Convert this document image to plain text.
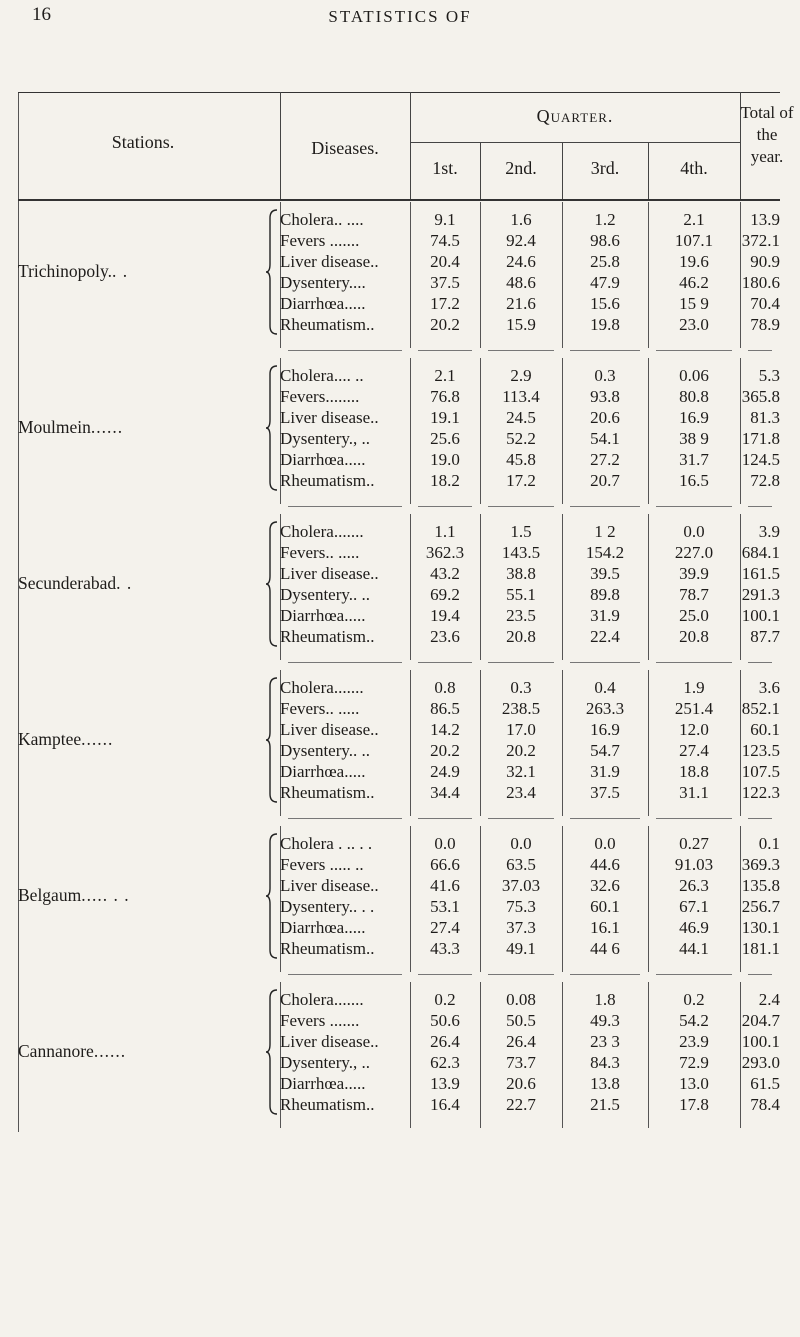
16	STATISTICS OF
Stations.	Diseases.
Quarter.
1st.	2nd.	3rd.	4th.
Total of the year.
Trichinopoly. . .
Cholera.. ....	9.1	1.6	1.2	2.1	13.9
Fevers .......	74.5	92.4	98.6	107.1	372.1
Liver disease..	20.4	24.6	25.8	19.6	90.9
Dysentery....	37.5	48.6	47.9	46.2	180.6
Diarrhœa.....	17.2	21.6	15.6	15 9	70.4
Rheumatism..	20.2	15.9	19.8	23.0	78.9
Moulmein ......
Cholera.... ..	2.1	2.9	0.3	0.06	5.3
Fevers........	76.8	113.4	93.8	80.8	365.8
Liver disease..	19.1	24.5	20.6	16.9	81.3
Dysentery., ..	25.6	52.2	54.1	38 9	171.8
Diarrhœa.....	19.0	45.8	27.2	31.7	124.5
Rheumatism..	18.2	17.2	20.7	16.5	72.8
Secunderabad . .
Cholera.......	1.1	1.5	1 2	0.0	3.9
Fevers.. .....	362.3	143.5	154.2	227.0	684.1
Liver disease..	43.2	38.8	39.5	39.9	161.5
Dysentery.. ..	69.2	55.1	89.8	78.7	291.3
Diarrhœa.....	19.4	23.5	31.9	25.0	100.1
Rheumatism..	23.6	20.8	22.4	20.8	87.7
Kamptee ......
Cholera.......	0.8	0.3	0.4	1.9	3.6
Fevers.. .....	86.5	238.5	263.3	251.4	852.1
Liver disease..	14.2	17.0	16.9	12.0	60.1
Dysentery.. ..	20.2	20.2	54.7	27.4	123.5
Diarrhœa.....	24.9	32.1	31.9	18.8	107.5
Rheumatism..	34.4	23.4	37.5	31.1	122.3
Belgaum ..... . .
Cholera . .. . .	0.0	0.0	0.0	0.27	0.1
Fevers ..... ..	66.6	63.5	44.6	91.03	369.3
Liver disease..	41.6	37.03	32.6	26.3	135.8
Dysentery.. . .	53.1	75.3	60.1	67.1	256.7
Diarrhœa.....	27.4	37.3	16.1	46.9	130.1
Rheumatism..	43.3	49.1	44 6	44.1	181.1
Cannanore ......
Cholera.......	0.2	0.08	1.8	0.2	2.4
Fevers .......	50.6	50.5	49.3	54.2	204.7
Liver disease..	26.4	26.4	23 3	23.9	100.1
Dysentery., ..	62.3	73.7	84.3	72.9	293.0
Diarrhœa.....	13.9	20.6	13.8	13.0	61.5
Rheumatism..	16.4	22.7	21.5	17.8	78.4
